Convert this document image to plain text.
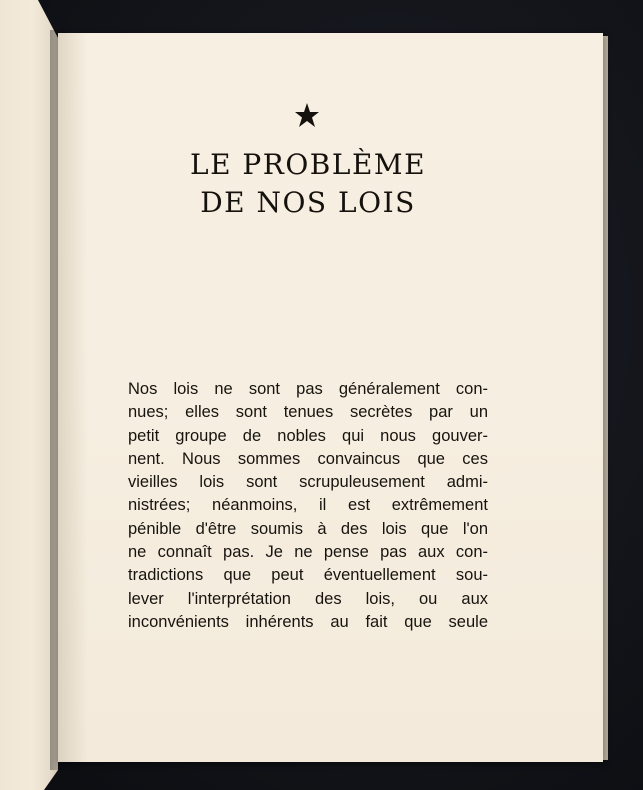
LE PROBLÈME
DE NOS LOIS
Nos lois ne sont pas généralement con-
nues; elles sont tenues secrètes par un
petit groupe de nobles qui nous gouver-
nent. Nous sommes convaincus que ces
vieilles lois sont scrupuleusement admi-
nistrées; néanmoins, il est extrêmement
pénible d'être soumis à des lois que l'on
ne connaît pas. Je ne pense pas aux con-
tradictions que peut éventuellement sou-
lever l'interprétation des lois, ou aux
inconvénients inhérents au fait que seule
